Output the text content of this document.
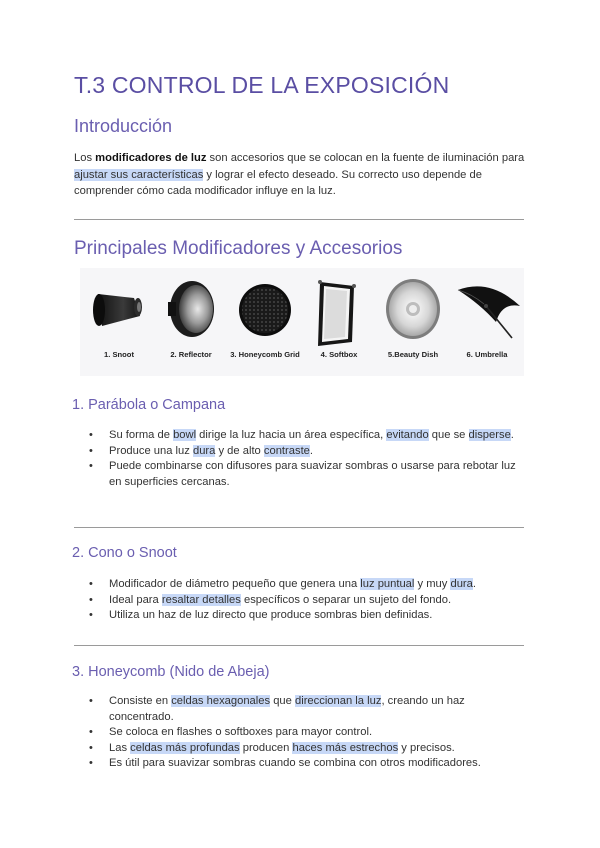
T.3 CONTROL DE LA EXPOSICIÓN
Introducción

Los modificadores de luz son accesorios que se colocan en la fuente de iluminación para ajustar sus características y lograr el efecto deseado. Su correcto uso depende de comprender cómo cada modificador influye en la luz.

Principales Modificadores y Accesorios
1. Snoot	2. Reflector	3. Honeycomb Grid	4. Softbox	5.Beauty Dish	6. Umbrella
1. Parábola o Campana
• Su forma de bowl dirige la luz hacia un área específica, evitando que se disperse.
• Produce una luz dura y de alto contraste.
• Puede combinarse con difusores para suavizar sombras o usarse para rebotar luz en superficies cercanas.
2. Cono o Snoot
• Modificador de diámetro pequeño que genera una luz puntual y muy dura.
• Ideal para resaltar detalles específicos o separar un sujeto del fondo.
• Utiliza un haz de luz directo que produce sombras bien definidas.
3. Honeycomb (Nido de Abeja)
• Consiste en celdas hexagonales que direccionan la luz, creando un haz concentrado.
• Se coloca en flashes o softboxes para mayor control.
• Las celdas más profundas producen haces más estrechos y precisos.
• Es útil para suavizar sombras cuando se combina con otros modificadores.
